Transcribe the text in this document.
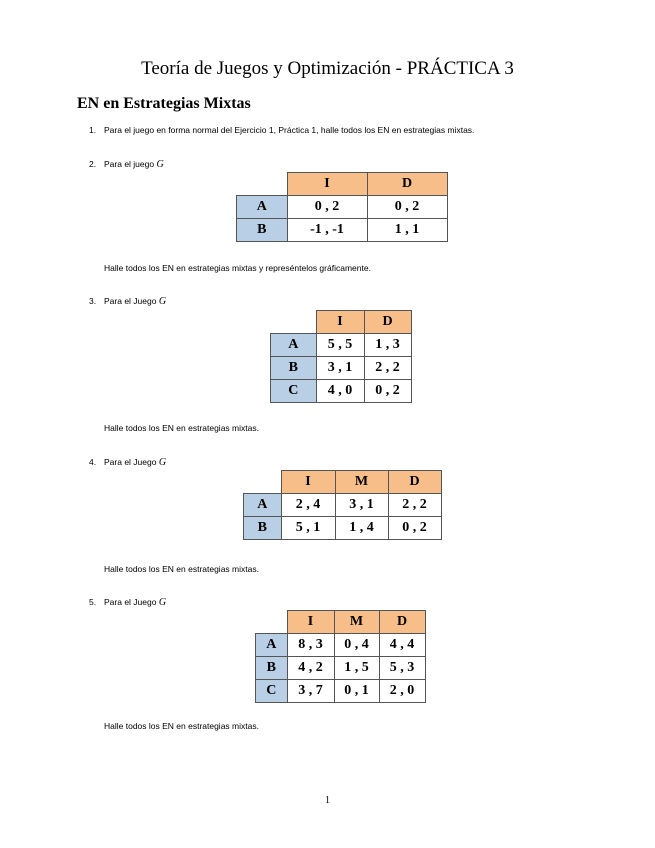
Teoría de Juegos y Optimización - PRÁCTICA 3
EN en Estrategias Mixtas
1. Para el juego en forma normal del Ejercicio 1, Práctica 1, halle todos los EN en estrategias mixtas.
2. Para el juego G
	I	D
A	0 , 2	0 , 2
B	-1 , -1	1 , 1
Halle todos los EN en estrategias mixtas y represéntelos gráficamente.
3. Para el Juego G
	I	D
A	5 , 5	1 , 3
B	3 , 1	2 , 2
C	4 , 0	0 , 2
Halle todos los EN en estrategias mixtas.
4. Para el Juego G
	I	M	D
A	2 , 4	3 , 1	2 , 2
B	5 , 1	1 , 4	0 , 2
Halle todos los EN en estrategias mixtas.
5. Para el Juego G
	I	M	D
A	8 , 3	0 , 4	4 , 4
B	4 , 2	1 , 5	5 , 3
C	3 , 7	0 , 1	2 , 0
Halle todos los EN en estrategias mixtas.
1
